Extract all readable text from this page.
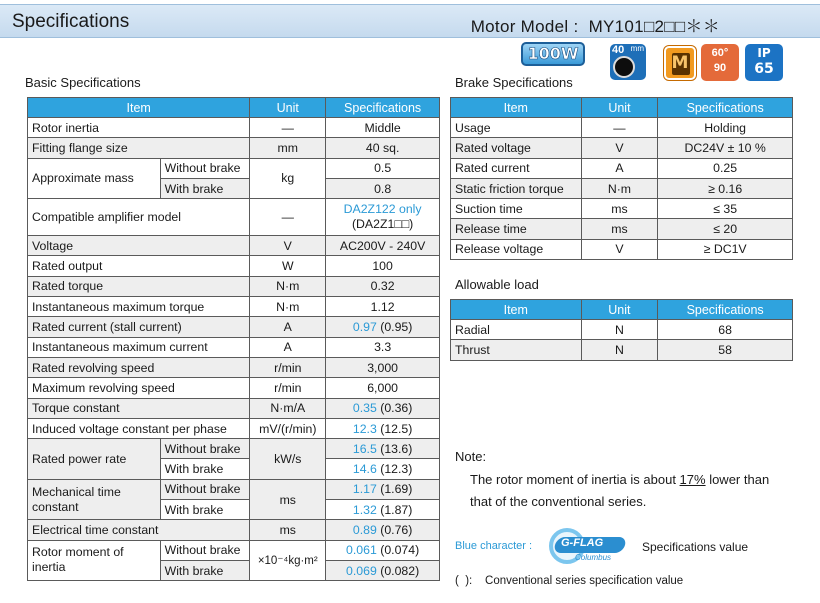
Specifications	Motor Model :  MY101□2□□＊＊
100W	40 mm
M	60°
90
IP
65
Basic Specifications
Item		Unit	Specifications
Rotor inertia		―	Middle
Fitting flange size		mm	40 sq.
Approximate mass	Without brake	kg	0.5
	With brake		0.8
Compatible amplifier model		―	DA2Z122 only
(DA2Z1□□)

Voltage		V	AC200V - 240V
Rated output		W	100
Rated torque		N·m	0.32
Instantaneous maximum torque		N·m	1.12
Rated current (stall current)		A	0.97 (0.95)
Instantaneous maximum current		A	3.3
Rated revolving speed		r/min	3,000
Maximum revolving speed		r/min	6,000
Torque constant		N·m/A	0.35 (0.36)
Induced voltage constant per phase		mV/(r/min)	12.3 (12.5)
Rated power rate	Without brake	kW/s	16.5 (13.6)
	With brake		14.6 (12.3)

Mechanical time
constant	Without brake	ms	1.17 (1.69)
	With brake		1.32 (1.87)
Electrical time constant		ms	0.89 (0.76)

Rotor moment of
inertia	Without brake	×10⁻⁴kg·m²	0.061 (0.074)
	With brake		0.069 (0.082)
Brake Specifications
Item	Unit	Specifications
Usage	―	Holding
Rated voltage	V	DC24V ± 10 %
Rated current	A	0.25
Static friction torque	N·m	≥ 0.16
Suction time	ms	≤ 35
Release time	ms	≤ 20
Release voltage	V	≥ DC1V
Allowable load
Item	Unit	Specifications
Radial	N	68
Thrust	N	58
Note:
The rotor moment of inertia is about 17% lower than that of the conventional series.
Blue character :	G-FLAG
Columbus
Specifications value
(  ):    Conventional series specification value
